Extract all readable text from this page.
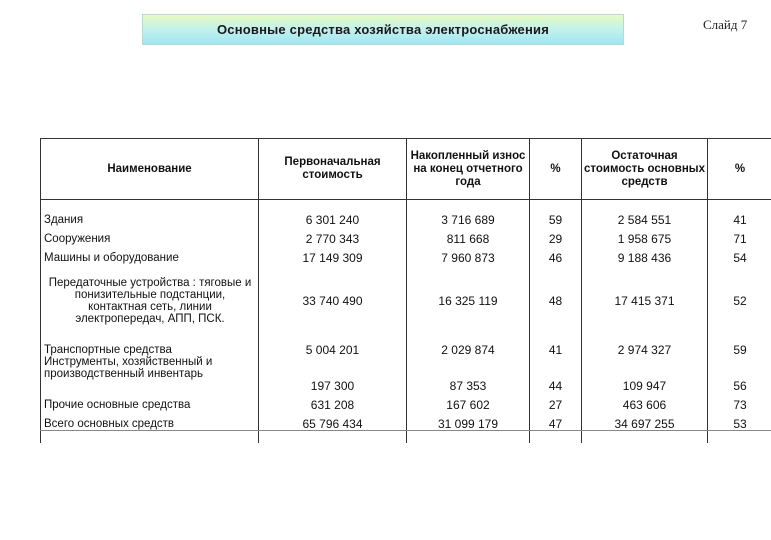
Основные средства хозяйства электроснабжения	Слайд 7
Наименование	Первоначальная стоимость	Накопленный износ на конец отчетного года	%	Остаточная стоимость основных средств	%

Здания	6 301 240	3 716 689	59	2 584 551	41
Сооружения	2 770 343	811 668	29	1 958 675	71
Машины и оборудование	17 149 309	7 960 873	46	9 188 436	54
Передаточные устройства : тяговые и понизительные подстанции, контактная сеть, линии электропередач, АПП, ПСК.	33 740 490	16 325 119	48	17 415 371	52
Транспортные средства	5 004 201	2 029 874	41	2 974 327	59
Инструменты, хозяйственный и производственный инвентарь	197 300	87 353	44	109 947	56
Прочие основные средства	631 208	167 602	27	463 606	73
Всего основных средств	65 796 434	31 099 179	47	34 697 255	53
